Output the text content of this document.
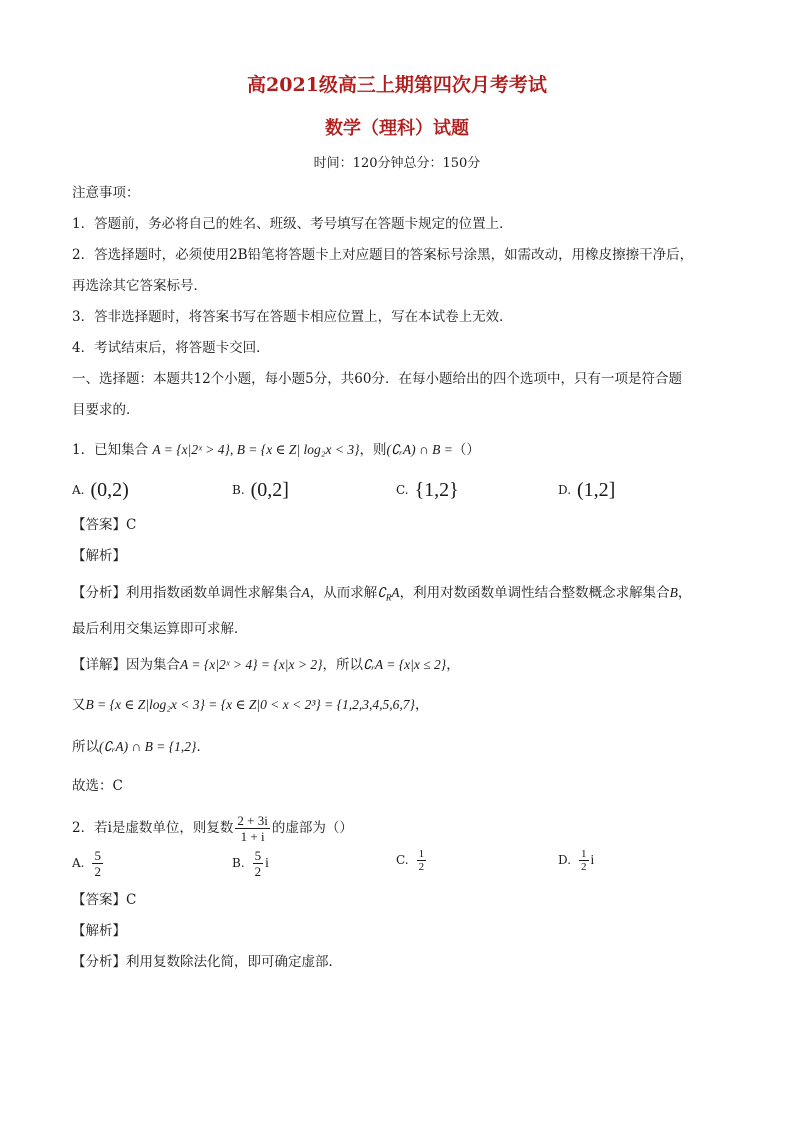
高2021级高三上期第四次月考考试
数学（理科）试题
时间：120分钟总分：150分
注意事项：
1．答题前，务必将自己的姓名、班级、考号填写在答题卡规定的位置上．
2．答选择题时，必须使用2B铅笔将答题卡上对应题目的答案标号涂黑，如需改动，用橡皮擦擦干净后，
再选涂其它答案标号．
3．答非选择题时，将答案书写在答题卡相应位置上，写在本试卷上无效．
4．考试结束后，将答题卡交回．
一、选择题：本题共12个小题，每小题5分，共60分．在每小题给出的四个选项中，只有一项是符合题
目要求的．
1．已知集合 A = {x|2ˣ > 4}, B = {x ∈ Z| log₂x < 3}，则(∁ᵣA) ∩ B =（）
A. (0,2)	B. (0,2]	C. {1,2}	D. (1,2]
【答案】C
【解析】
【分析】利用指数函数单调性求解集合A，从而求解$∁_RA$，利用对数函数单调性结合整数概念求解集合B，
最后利用交集运算即可求解．
【详解】因为集合A = {x|2ˣ > 4} = {x|x > 2}，所以∁ᵣA = {x|x ≤ 2}，
又B = {x ∈ Z|log₂x < 3} = {x ∈ Z|0 < x < 2³} = {1,2,3,4,5,6,7}，
所以(∁ᵣA) ∩ B = {1,2}．
故选：C
2．若i是虚数单位，则复数 $\frac{2 + 3i}{1 + i}$ 的虚部为（）
A. $\frac{5}{2}$	B. $\frac{5}{2}$ i	C. $\frac{1}{2}$	D. $\frac{1}{2}$ i
【答案】C
【解析】
【分析】利用复数除法化简，即可确定虚部．
